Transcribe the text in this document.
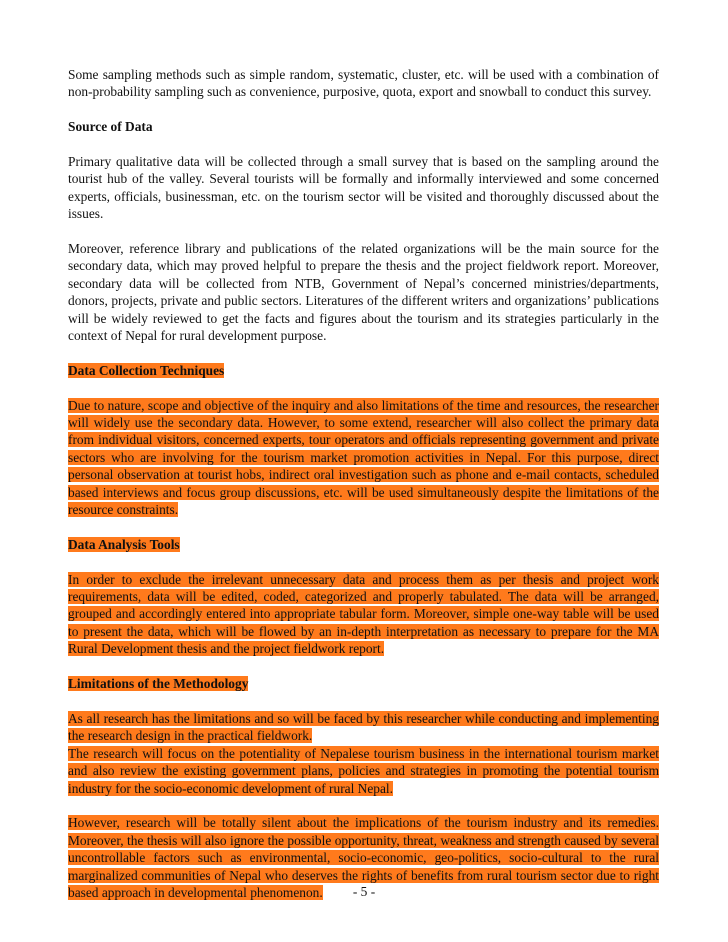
Some sampling methods such as simple random, systematic, cluster, etc. will be used with a combination of non-probability sampling such as convenience, purposive, quota, export and snowball to conduct this survey.

Source of Data

Primary qualitative data will be collected through a small survey that is based on the sampling around the tourist hub of the valley. Several tourists will be formally and informally interviewed and some concerned experts, officials, businessman, etc. on the tourism sector will be visited and thoroughly discussed about the issues.

Moreover, reference library and publications of the related organizations will be the main source for the secondary data, which may proved helpful to prepare the thesis and the project fieldwork report. Moreover, secondary data will be collected from NTB, Government of Nepal’s concerned ministries/departments, donors, projects, private and public sectors. Literatures of the different writers and organizations’ publications will be widely reviewed to get the facts and figures about the tourism and its strategies particularly in the context of Nepal for rural development purpose.

Data Collection Techniques

Due to nature, scope and objective of the inquiry and also limitations of the time and resources, the researcher will widely use the secondary data. However, to some extend, researcher will also collect the primary data from individual visitors, concerned experts, tour operators and officials representing government and private sectors who are involving for the tourism market promotion activities in Nepal. For this purpose, direct personal observation at tourist hobs, indirect oral investigation such as phone and e-mail contacts, scheduled based interviews and focus group discussions, etc. will be used simultaneously despite the limitations of the resource constraints.

Data Analysis Tools

In order to exclude the irrelevant unnecessary data and process them as per thesis and project work requirements, data will be edited, coded, categorized and properly tabulated. The data will be arranged, grouped and accordingly entered into appropriate tabular form. Moreover, simple one-way table will be used to present the data, which will be flowed by an in-depth interpretation as necessary to prepare for the MA Rural Development thesis and the project fieldwork report.

Limitations of the Methodology

As all research has the limitations and so will be faced by this researcher while conducting and implementing the research design in the practical fieldwork.

The research will focus on the potentiality of Nepalese tourism business in the international tourism market and also review the existing government plans, policies and strategies in promoting the potential tourism industry for the socio-economic development of rural Nepal.

However, research will be totally silent about the implications of the tourism industry and its remedies. Moreover, the thesis will also ignore the possible opportunity, threat, weakness and strength caused by several uncontrollable factors such as environmental, socio-economic, geo-politics, socio-cultural to the rural marginalized communities of Nepal who deserves the rights of benefits from rural tourism sector due to right based approach in developmental phenomenon.	- 5 -
